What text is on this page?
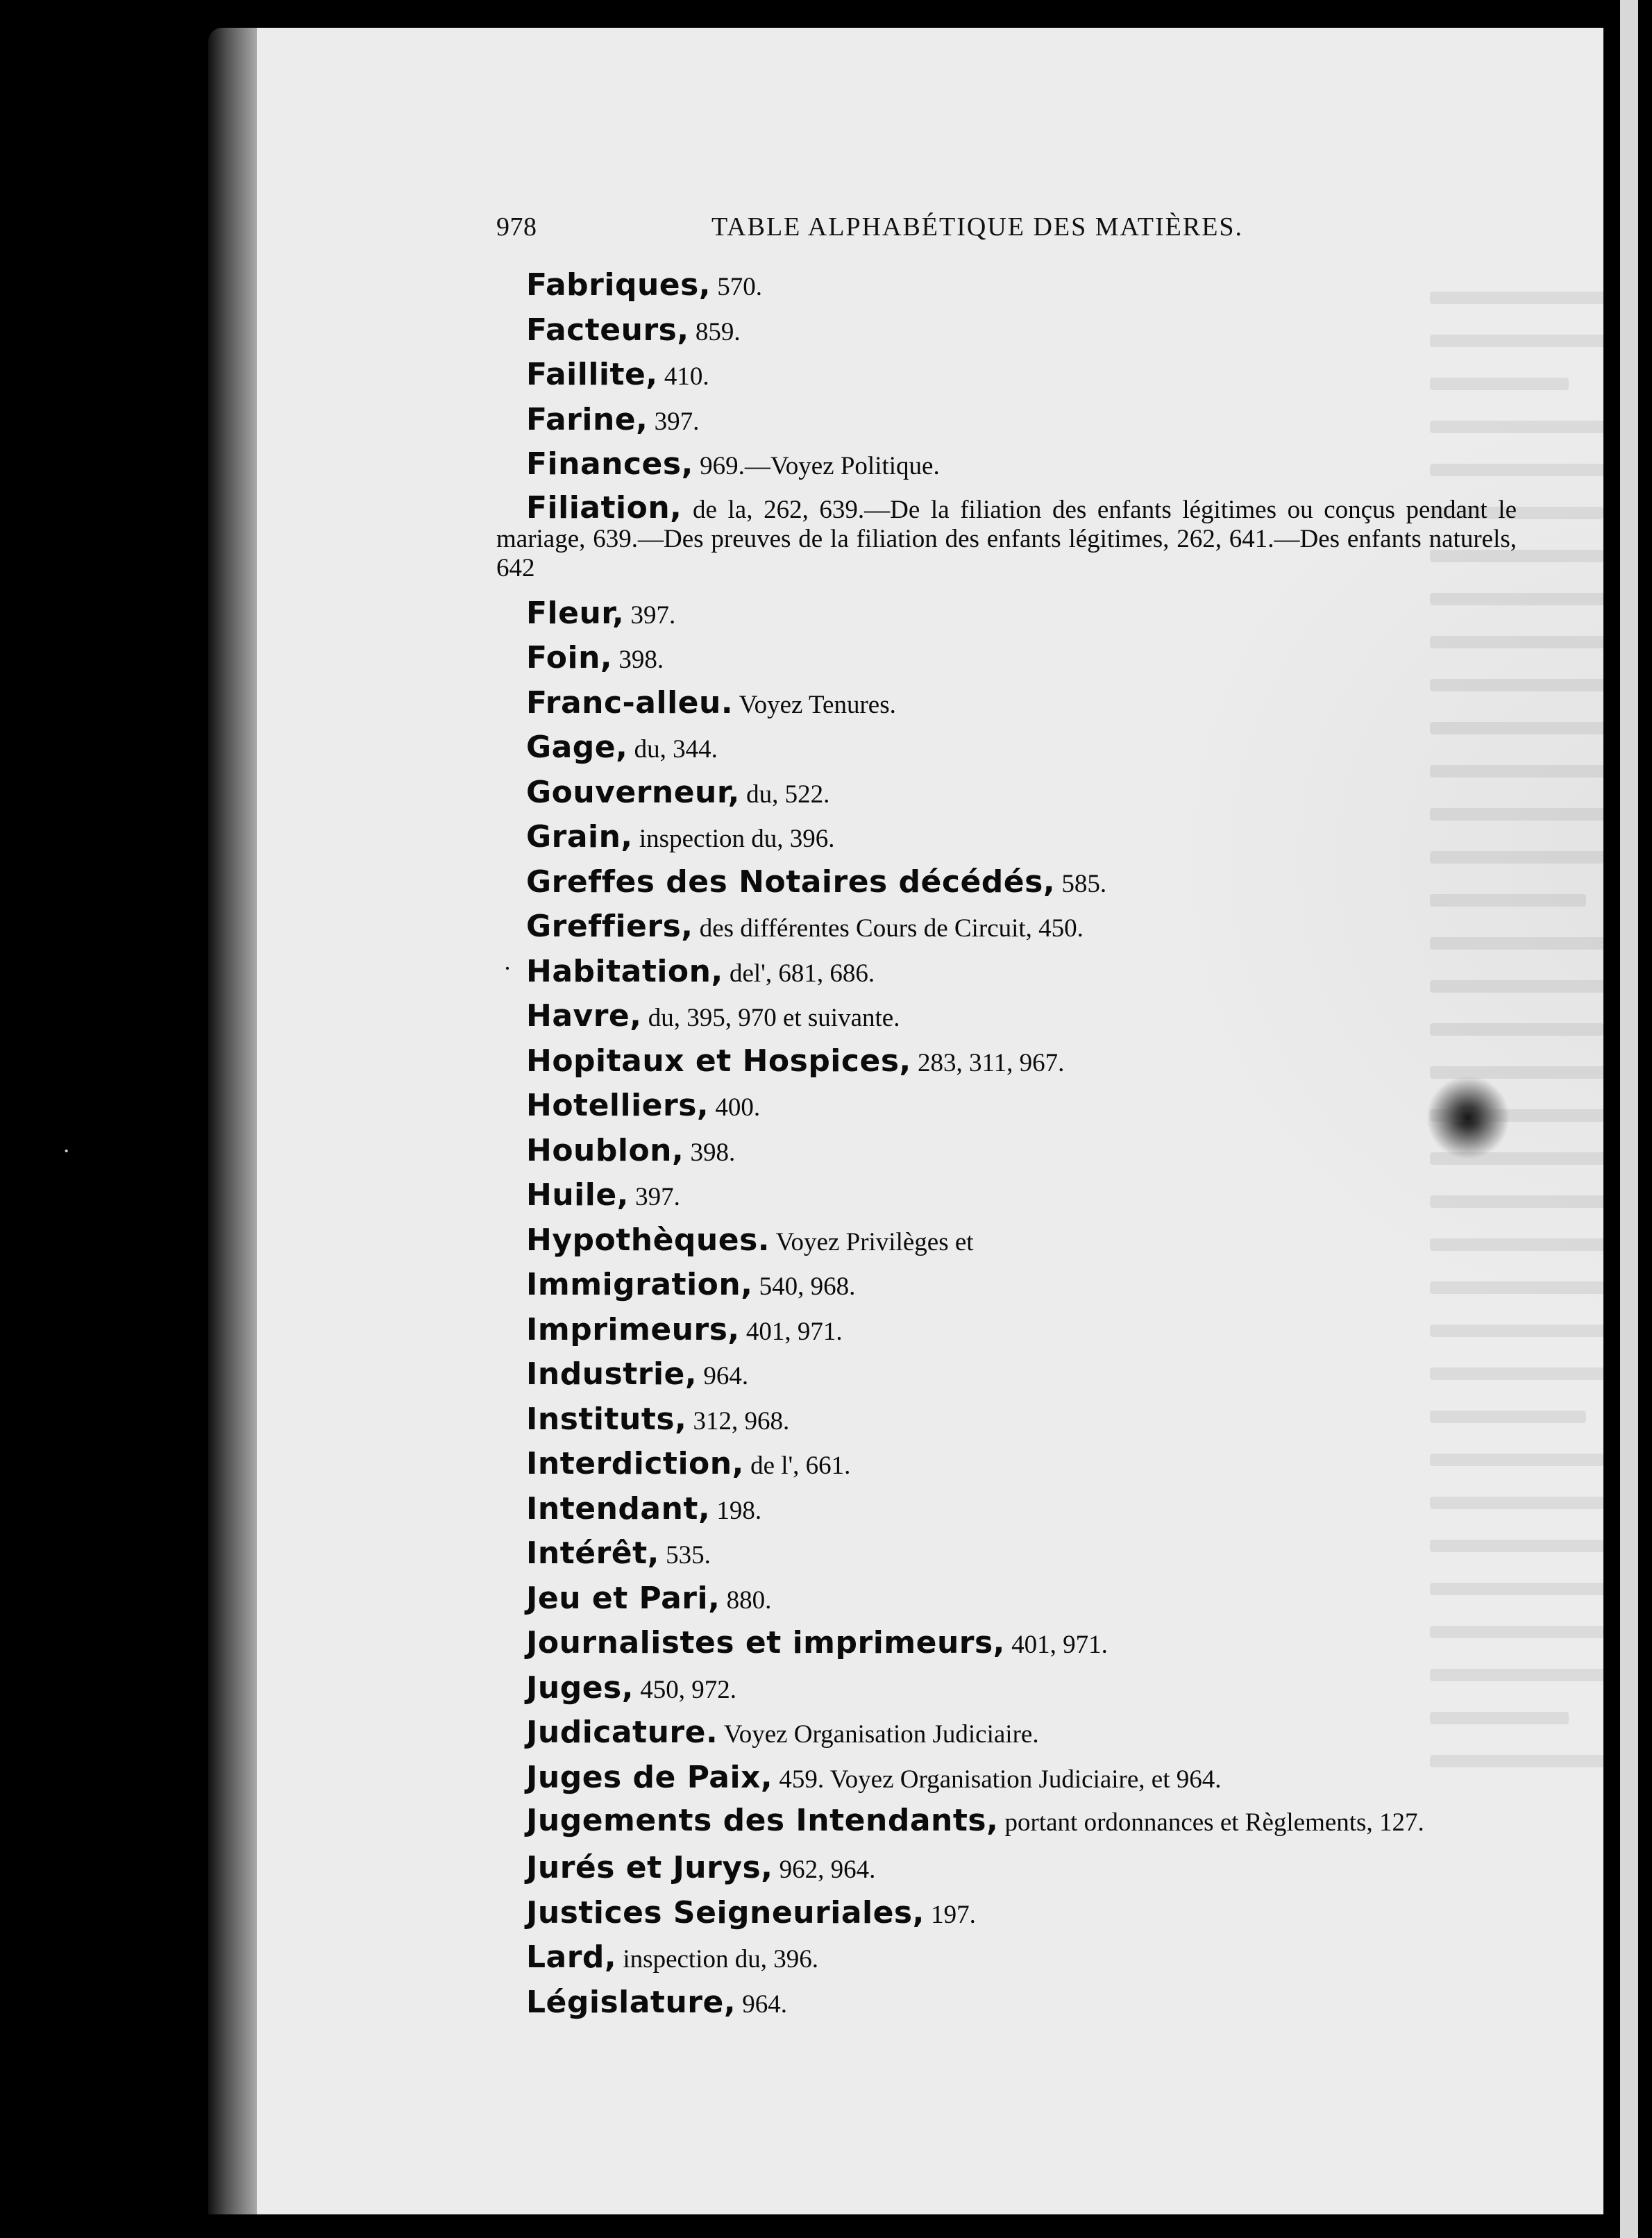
978	TABLE ALPHABÉTIQUE DES MATIÈRES.
·
·
Fabriques, 570.
Facteurs, 859.
Faillite, 410.
Farine, 397.
Finances, 969.—Voyez Politique.
Filiation, de la, 262, 639.—De la filiation des enfants légitimes ou conçus pendant le mariage, 639.—Des preuves de la filiation des enfants légitimes, 262, 641.—Des enfants naturels, 642
Fleur, 397.
Foin, 398.
Franc-alleu. Voyez Tenures.
Gage, du, 344.
Gouverneur, du, 522.
Grain, inspection du, 396.
Greffes des Notaires décédés, 585.
Greffiers, des différentes Cours de Circuit, 450.
Habitation, del', 681, 686.
Havre, du, 395, 970 et suivante.
Hopitaux et Hospices, 283, 311, 967.
Hotelliers, 400.
Houblon, 398.
Huile, 397.
Hypothèques. Voyez Privilèges et
Immigration, 540, 968.
Imprimeurs, 401, 971.
Industrie, 964.
Instituts, 312, 968.
Interdiction, de l', 661.
Intendant, 198.
Intérêt, 535.
Jeu et Pari, 880.
Journalistes et imprimeurs, 401, 971.
Juges, 450, 972.
Judicature. Voyez Organisation Judiciaire.
Juges de Paix, 459. Voyez Organisation Judiciaire, et 964.
Jugements des Intendants, portant ordonnances et Règlements, 127.
Jurés et Jurys, 962, 964.
Justices Seigneuriales, 197.
Lard, inspection du, 396.
Législature, 964.
